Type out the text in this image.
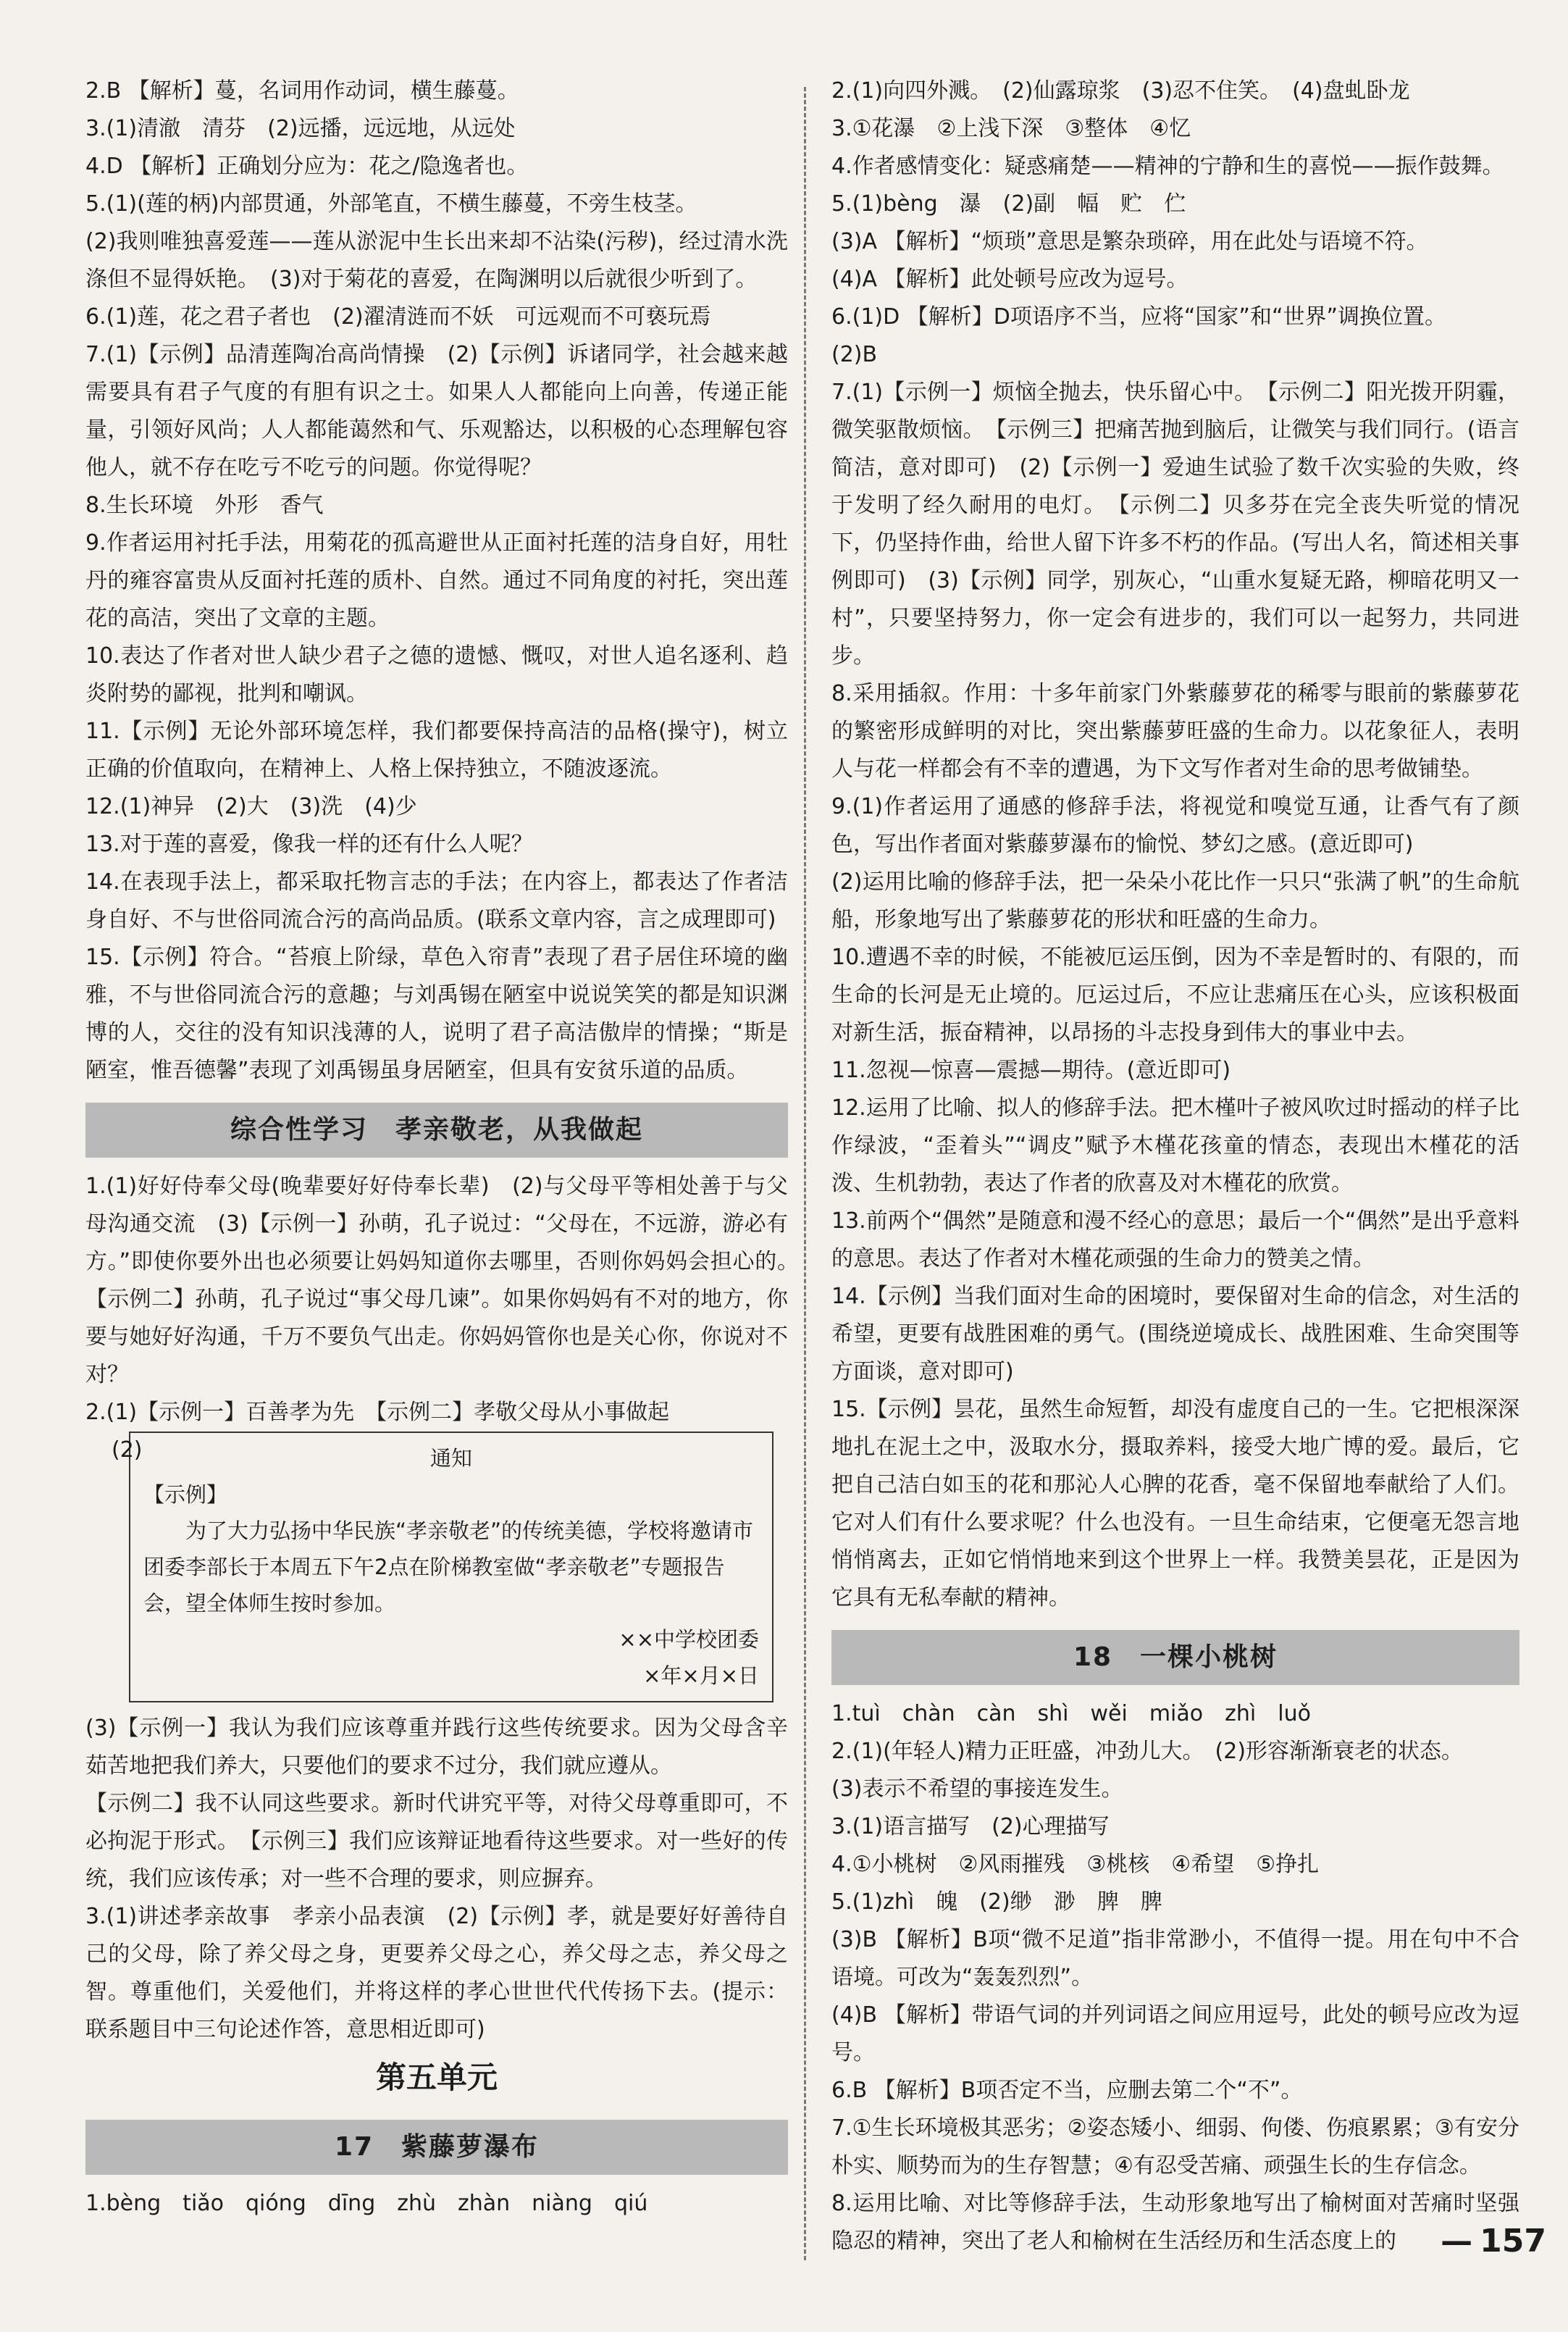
2.B 【解析】蔓，名词用作动词，横生藤蔓。

3.(1)清澈　清芬　(2)远播，远远地，从远处

4.D 【解析】正确划分应为：花之/隐逸者也。

5.(1)(莲的柄)内部贯通，外部笔直，不横生藤蔓，不旁生枝茎。

(2)我则唯独喜爱莲——莲从淤泥中生长出来却不沾染(污秽)，经过清水洗涤但不显得妖艳。　(3)对于菊花的喜爱，在陶渊明以后就很少听到了。

6.(1)莲，花之君子者也　(2)濯清涟而不妖　可远观而不可亵玩焉

7.(1)【示例】品清莲陶冶高尚情操　(2)【示例】诉诸同学，社会越来越需要具有君子气度的有胆有识之士。如果人人都能向上向善，传递正能量，引领好风尚；人人都能蔼然和气、乐观豁达，以积极的心态理解包容他人，就不存在吃亏不吃亏的问题。你觉得呢？

8.生长环境　外形　香气

9.作者运用衬托手法，用菊花的孤高避世从正面衬托莲的洁身自好，用牡丹的雍容富贵从反面衬托莲的质朴、自然。通过不同角度的衬托，突出莲花的高洁，突出了文章的主题。

10.表达了作者对世人缺少君子之德的遗憾、慨叹，对世人追名逐利、趋炎附势的鄙视，批判和嘲讽。

11.【示例】无论外部环境怎样，我们都要保持高洁的品格(操守)，树立正确的价值取向，在精神上、人格上保持独立，不随波逐流。

12.(1)神异　(2)大　(3)洗　(4)少

13.对于莲的喜爱，像我一样的还有什么人呢？

14.在表现手法上，都采取托物言志的手法；在内容上，都表达了作者洁身自好、不与世俗同流合污的高尚品质。(联系文章内容，言之成理即可)

15.【示例】符合。“苔痕上阶绿，草色入帘青”表现了君子居住环境的幽雅，不与世俗同流合污的意趣；与刘禹锡在陋室中说说笑笑的都是知识渊博的人，交往的没有知识浅薄的人，说明了君子高洁傲岸的情操；“斯是陋室，惟吾德馨”表现了刘禹锡虽身居陋室，但具有安贫乐道的品质。

综合性学习　孝亲敬老，从我做起

1.(1)好好侍奉父母(晚辈要好好侍奉长辈)　(2)与父母平等相处善于与父母沟通交流　(3)【示例一】孙萌，孔子说过：“父母在，不远游，游必有方。”即使你要外出也必须要让妈妈知道你去哪里，否则你妈妈会担心的。　【示例二】孙萌，孔子说过“事父母几谏”。如果你妈妈有不对的地方，你要与她好好沟通，千万不要负气出走。你妈妈管你也是关心你，你说对不对？

2.(1)【示例一】百善孝为先　【示例二】孝敬父母从小事做起

(2)	通知
【示例】
为了大力弘扬中华民族“孝亲敬老”的传统美德，学校将邀请市团委李部长于本周五下午2点在阶梯教室做“孝亲敬老”专题报告会，望全体师生按时参加。
××中学校团委
×年×月×日

(3)【示例一】我认为我们应该尊重并践行这些传统要求。因为父母含辛茹苦地把我们养大，只要他们的要求不过分，我们就应遵从。

【示例二】我不认同这些要求。新时代讲究平等，对待父母尊重即可，不必拘泥于形式。　【示例三】我们应该辩证地看待这些要求。对一些好的传统，我们应该传承；对一些不合理的要求，则应摒弃。

3.(1)讲述孝亲故事　孝亲小品表演　(2)【示例】孝，就是要好好善待自己的父母，除了养父母之身，更要养父母之心，养父母之志，养父母之智。尊重他们，关爱他们，并将这样的孝心世世代代传扬下去。(提示：联系题目中三句论述作答，意思相近即可)

第五单元
17　紫藤萝瀑布

1.bèng　tiǎo　qióng　dīng　zhù　zhàn　niàng　qiú

2.(1)向四外溅。　(2)仙露琼浆　(3)忍不住笑。　(4)盘虬卧龙

3.①花瀑　②上浅下深　③整体　④忆

4.作者感情变化：疑惑痛楚——精神的宁静和生的喜悦——振作鼓舞。

5.(1)bèng　瀑　(2)副　幅　贮　伫

(3)A 【解析】“烦琐”意思是繁杂琐碎，用在此处与语境不符。

(4)A 【解析】此处顿号应改为逗号。

6.(1)D 【解析】D项语序不当，应将“国家”和“世界”调换位置。

(2)B

7.(1)【示例一】烦恼全抛去，快乐留心中。　【示例二】阳光拨开阴霾，微笑驱散烦恼。　【示例三】把痛苦抛到脑后，让微笑与我们同行。(语言简洁，意对即可)　(2)【示例一】爱迪生试验了数千次实验的失败，终于发明了经久耐用的电灯。　【示例二】贝多芬在完全丧失听觉的情况下，仍坚持作曲，给世人留下许多不朽的作品。(写出人名，简述相关事例即可)　(3)【示例】同学，别灰心，“山重水复疑无路，柳暗花明又一村”，只要坚持努力，你一定会有进步的，我们可以一起努力，共同进步。

8.采用插叙。作用：十多年前家门外紫藤萝花的稀零与眼前的紫藤萝花的繁密形成鲜明的对比，突出紫藤萝旺盛的生命力。以花象征人，表明人与花一样都会有不幸的遭遇，为下文写作者对生命的思考做铺垫。

9.(1)作者运用了通感的修辞手法，将视觉和嗅觉互通，让香气有了颜色，写出作者面对紫藤萝瀑布的愉悦、梦幻之感。(意近即可)

(2)运用比喻的修辞手法，把一朵朵小花比作一只只“张满了帆”的生命航船，形象地写出了紫藤萝花的形状和旺盛的生命力。

10.遭遇不幸的时候，不能被厄运压倒，因为不幸是暂时的、有限的，而生命的长河是无止境的。厄运过后，不应让悲痛压在心头，应该积极面对新生活，振奋精神，以昂扬的斗志投身到伟大的事业中去。

11.忽视—惊喜—震撼—期待。(意近即可)

12.运用了比喻、拟人的修辞手法。把木槿叶子被风吹过时摇动的样子比作绿波，“歪着头”“调皮”赋予木槿花孩童的情态，表现出木槿花的活泼、生机勃勃，表达了作者的欣喜及对木槿花的欣赏。

13.前两个“偶然”是随意和漫不经心的意思；最后一个“偶然”是出乎意料的意思。表达了作者对木槿花顽强的生命力的赞美之情。

14.【示例】当我们面对生命的困境时，要保留对生命的信念，对生活的希望，更要有战胜困难的勇气。(围绕逆境成长、战胜困难、生命突围等方面谈，意对即可)

15.【示例】昙花，虽然生命短暂，却没有虚度自己的一生。它把根深深地扎在泥土之中，汲取水分，摄取养料，接受大地广博的爱。最后，它把自己洁白如玉的花和那沁人心脾的花香，毫不保留地奉献给了人们。它对人们有什么要求呢？什么也没有。一旦生命结束，它便毫无怨言地悄悄离去，正如它悄悄地来到这个世界上一样。我赞美昙花，正是因为它具有无私奉献的精神。

18　一棵小桃树

1.tuì　chàn　càn　shì　wěi　miǎo　zhì　luǒ

2.(1)(年轻人)精力正旺盛，冲劲儿大。　(2)形容渐渐衰老的状态。

(3)表示不希望的事接连发生。

3.(1)语言描写　(2)心理描写

4.①小桃树　②风雨摧残　③桃核　④希望　⑤挣扎

5.(1)zhì　魄　(2)缈　渺　脾　脾

(3)B 【解析】B项“微不足道”指非常渺小，不值得一提。用在句中不合语境。可改为“轰轰烈烈”。

(4)B 【解析】带语气词的并列词语之间应用逗号，此处的顿号应改为逗号。

6.B 【解析】B项否定不当，应删去第二个“不”。

7.①生长环境极其恶劣；②姿态矮小、细弱、佝偻、伤痕累累；③有安分朴实、顺势而为的生存智慧；④有忍受苦痛、顽强生长的生存信念。

8.运用比喻、对比等修辞手法，生动形象地写出了榆树面对苦痛时坚强隐忍的精神，突出了老人和榆树在生活经历和生活态度上的

—	157
